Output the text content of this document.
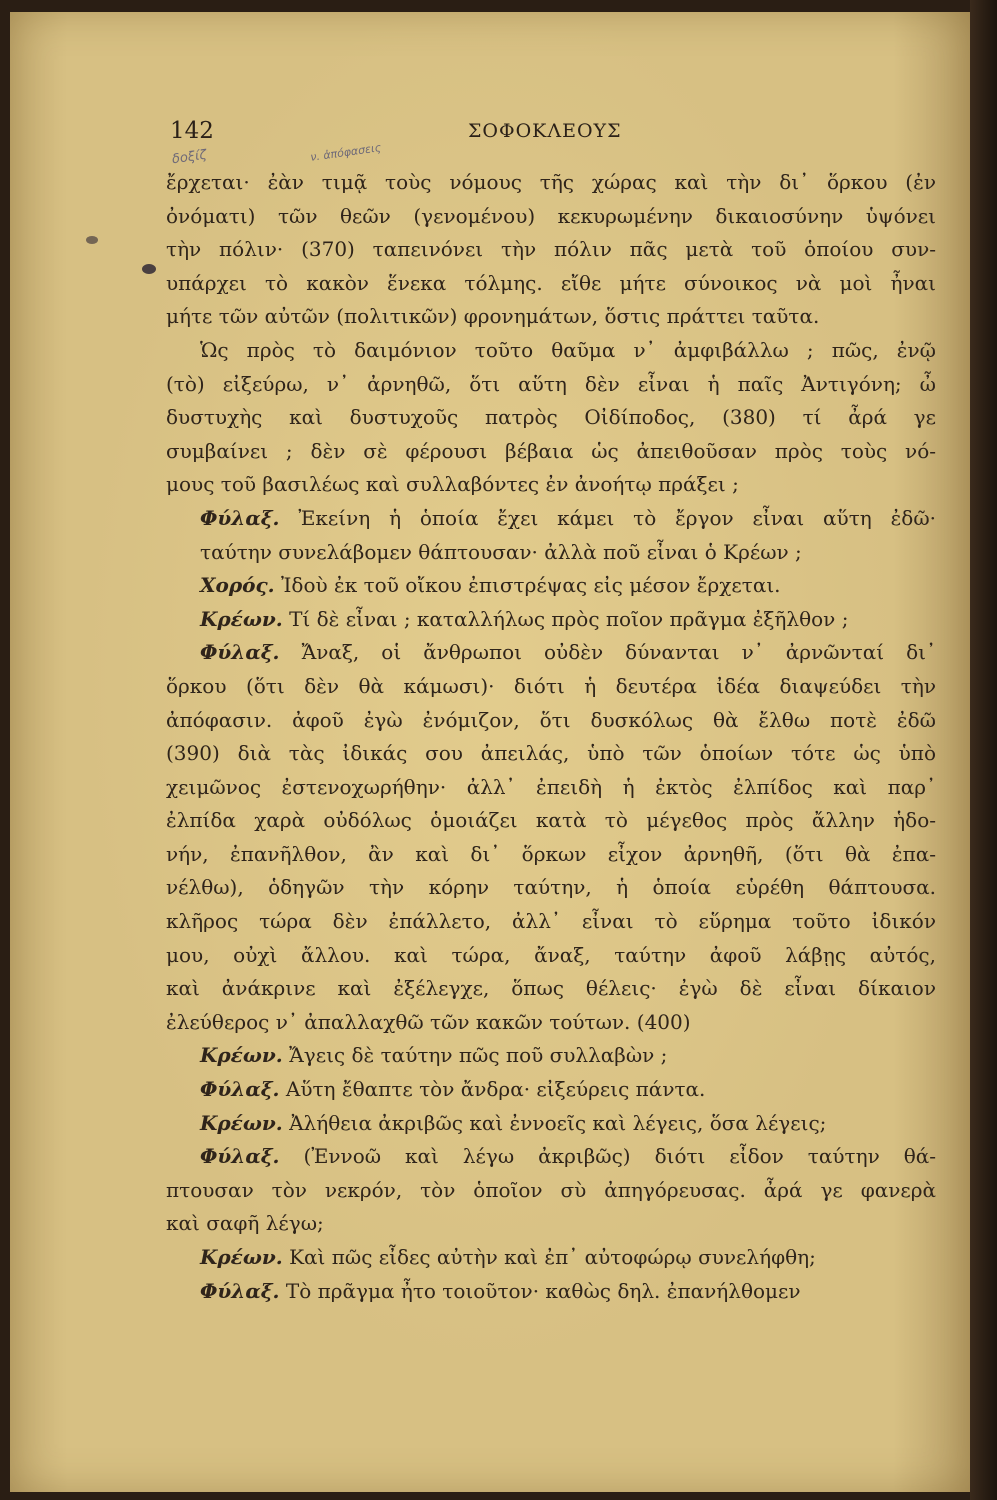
142	ΣΟΦΟΚΛΕΟΥΣ
δοξίζ	ν. ἀπόφασεις
ἔρχεται· ἐὰν τιμᾷ τοὺς νόμους τῆς χώρας καὶ τὴν δι᾿ ὅρκου (ἐν
ὀνόματι) τῶν θεῶν (γενομένου) κεκυρωμένην δικαιοσύνην ὑψόνει
τὴν πόλιν· (370) ταπεινόνει τὴν πόλιν πᾶς μετὰ τοῦ ὁποίου συν-
υπάρχει τὸ κακὸν ἕνεκα τόλμης. εἴθε μήτε σύνοικος νὰ μοὶ ἦναι
μήτε τῶν αὐτῶν (πολιτικῶν) φρονημάτων, ὅστις πράττει ταῦτα.
Ὡς πρὸς τὸ δαιμόνιον τοῦτο θαῦμα ν᾿ ἀμφιβάλλω ; πῶς, ἐνῷ
(τὸ) εἰξεύρω, ν᾿ ἀρνηθῶ, ὅτι αὕτη δὲν εἶναι ἡ παῖς Ἀντιγόνη; ὦ
δυστυχὴς καὶ δυστυχοῦς πατρὸς Οἰδίποδος, (380) τί ἆρά γε
συμβαίνει ; δὲν σὲ φέρουσι βέβαια ὡς ἀπειθοῦσαν πρὸς τοὺς νό-
μους τοῦ βασιλέως καὶ συλλαβόντες ἐν ἀνοήτῳ πράξει ;
Φύλαξ. Ἐκείνη ἡ ὁποία ἔχει κάμει τὸ ἔργον εἶναι αὕτη ἐδῶ·
ταύτην συνελάβομεν θάπτουσαν· ἀλλὰ ποῦ εἶναι ὁ Κρέων ;
Χορός. Ἰδοὺ ἐκ τοῦ οἴκου ἐπιστρέψας εἰς μέσον ἔρχεται.
Κρέων. Τί δὲ εἶναι ; καταλλήλως πρὸς ποῖον πρᾶγμα ἐξῆλθον ;
Φύλαξ. Ἄναξ, οἱ ἄνθρωποι οὐδὲν δύνανται ν᾿ ἀρνῶνταί δι᾿
ὅρκου (ὅτι δὲν θὰ κάμωσι)· διότι ἡ δευτέρα ἰδέα διαψεύδει τὴν
ἀπόφασιν. ἀφοῦ ἐγὼ ἐνόμιζον, ὅτι δυσκόλως θὰ ἔλθω ποτὲ ἐδῶ
(390) διὰ τὰς ἰδικάς σου ἀπειλάς, ὑπὸ τῶν ὁποίων τότε ὡς ὑπὸ
χειμῶνος ἐστενοχωρήθην· ἀλλ᾿ ἐπειδὴ ἡ ἐκτὸς ἐλπίδος καὶ παρ᾿
ἐλπίδα χαρὰ οὐδόλως ὁμοιάζει κατὰ τὸ μέγεθος πρὸς ἄλλην ἡδο-
νήν, ἐπανῆλθον, ἂν καὶ δι᾿ ὅρκων εἶχον ἀρνηθῆ, (ὅτι θὰ ἐπα-
νέλθω), ὁδηγῶν τὴν κόρην ταύτην, ἡ ὁποία εὑρέθη θάπτουσα.
κλῆρος τώρα δὲν ἐπάλλετο, ἀλλ᾿ εἶναι τὸ εὕρημα τοῦτο ἰδικόν
μου, οὐχὶ ἄλλου. καὶ τώρα, ἄναξ, ταύτην ἀφοῦ λάβῃς αὐτός,
καὶ ἀνάκρινε καὶ ἐξέλεγχε, ὅπως θέλεις· ἐγὼ δὲ εἶναι δίκαιον
ἐλεύθερος ν᾿ ἀπαλλαχθῶ τῶν κακῶν τούτων. (400)
Κρέων. Ἄγεις δὲ ταύτην πῶς ποῦ συλλαβὼν ;
Φύλαξ. Αὕτη ἔθαπτε τὸν ἄνδρα· εἰξεύρεις πάντα.
Κρέων. Ἀλήθεια ἀκριβῶς καὶ ἐννοεῖς καὶ λέγεις, ὅσα λέγεις;
Φύλαξ. (Ἐννοῶ καὶ λέγω ἀκριβῶς) διότι εἶδον ταύτην θά-
πτουσαν τὸν νεκρόν, τὸν ὁποῖον σὺ ἀπηγόρευσας. ἆρά γε φανερὰ
καὶ σαφῆ λέγω;
Κρέων. Καὶ πῶς εἶδες αὐτὴν καὶ ἐπ᾿ αὐτοφώρῳ συνελήφθη;
Φύλαξ. Τὸ πρᾶγμα ἦτο τοιοῦτον· καθὼς δηλ. ἐπανήλθομεν
